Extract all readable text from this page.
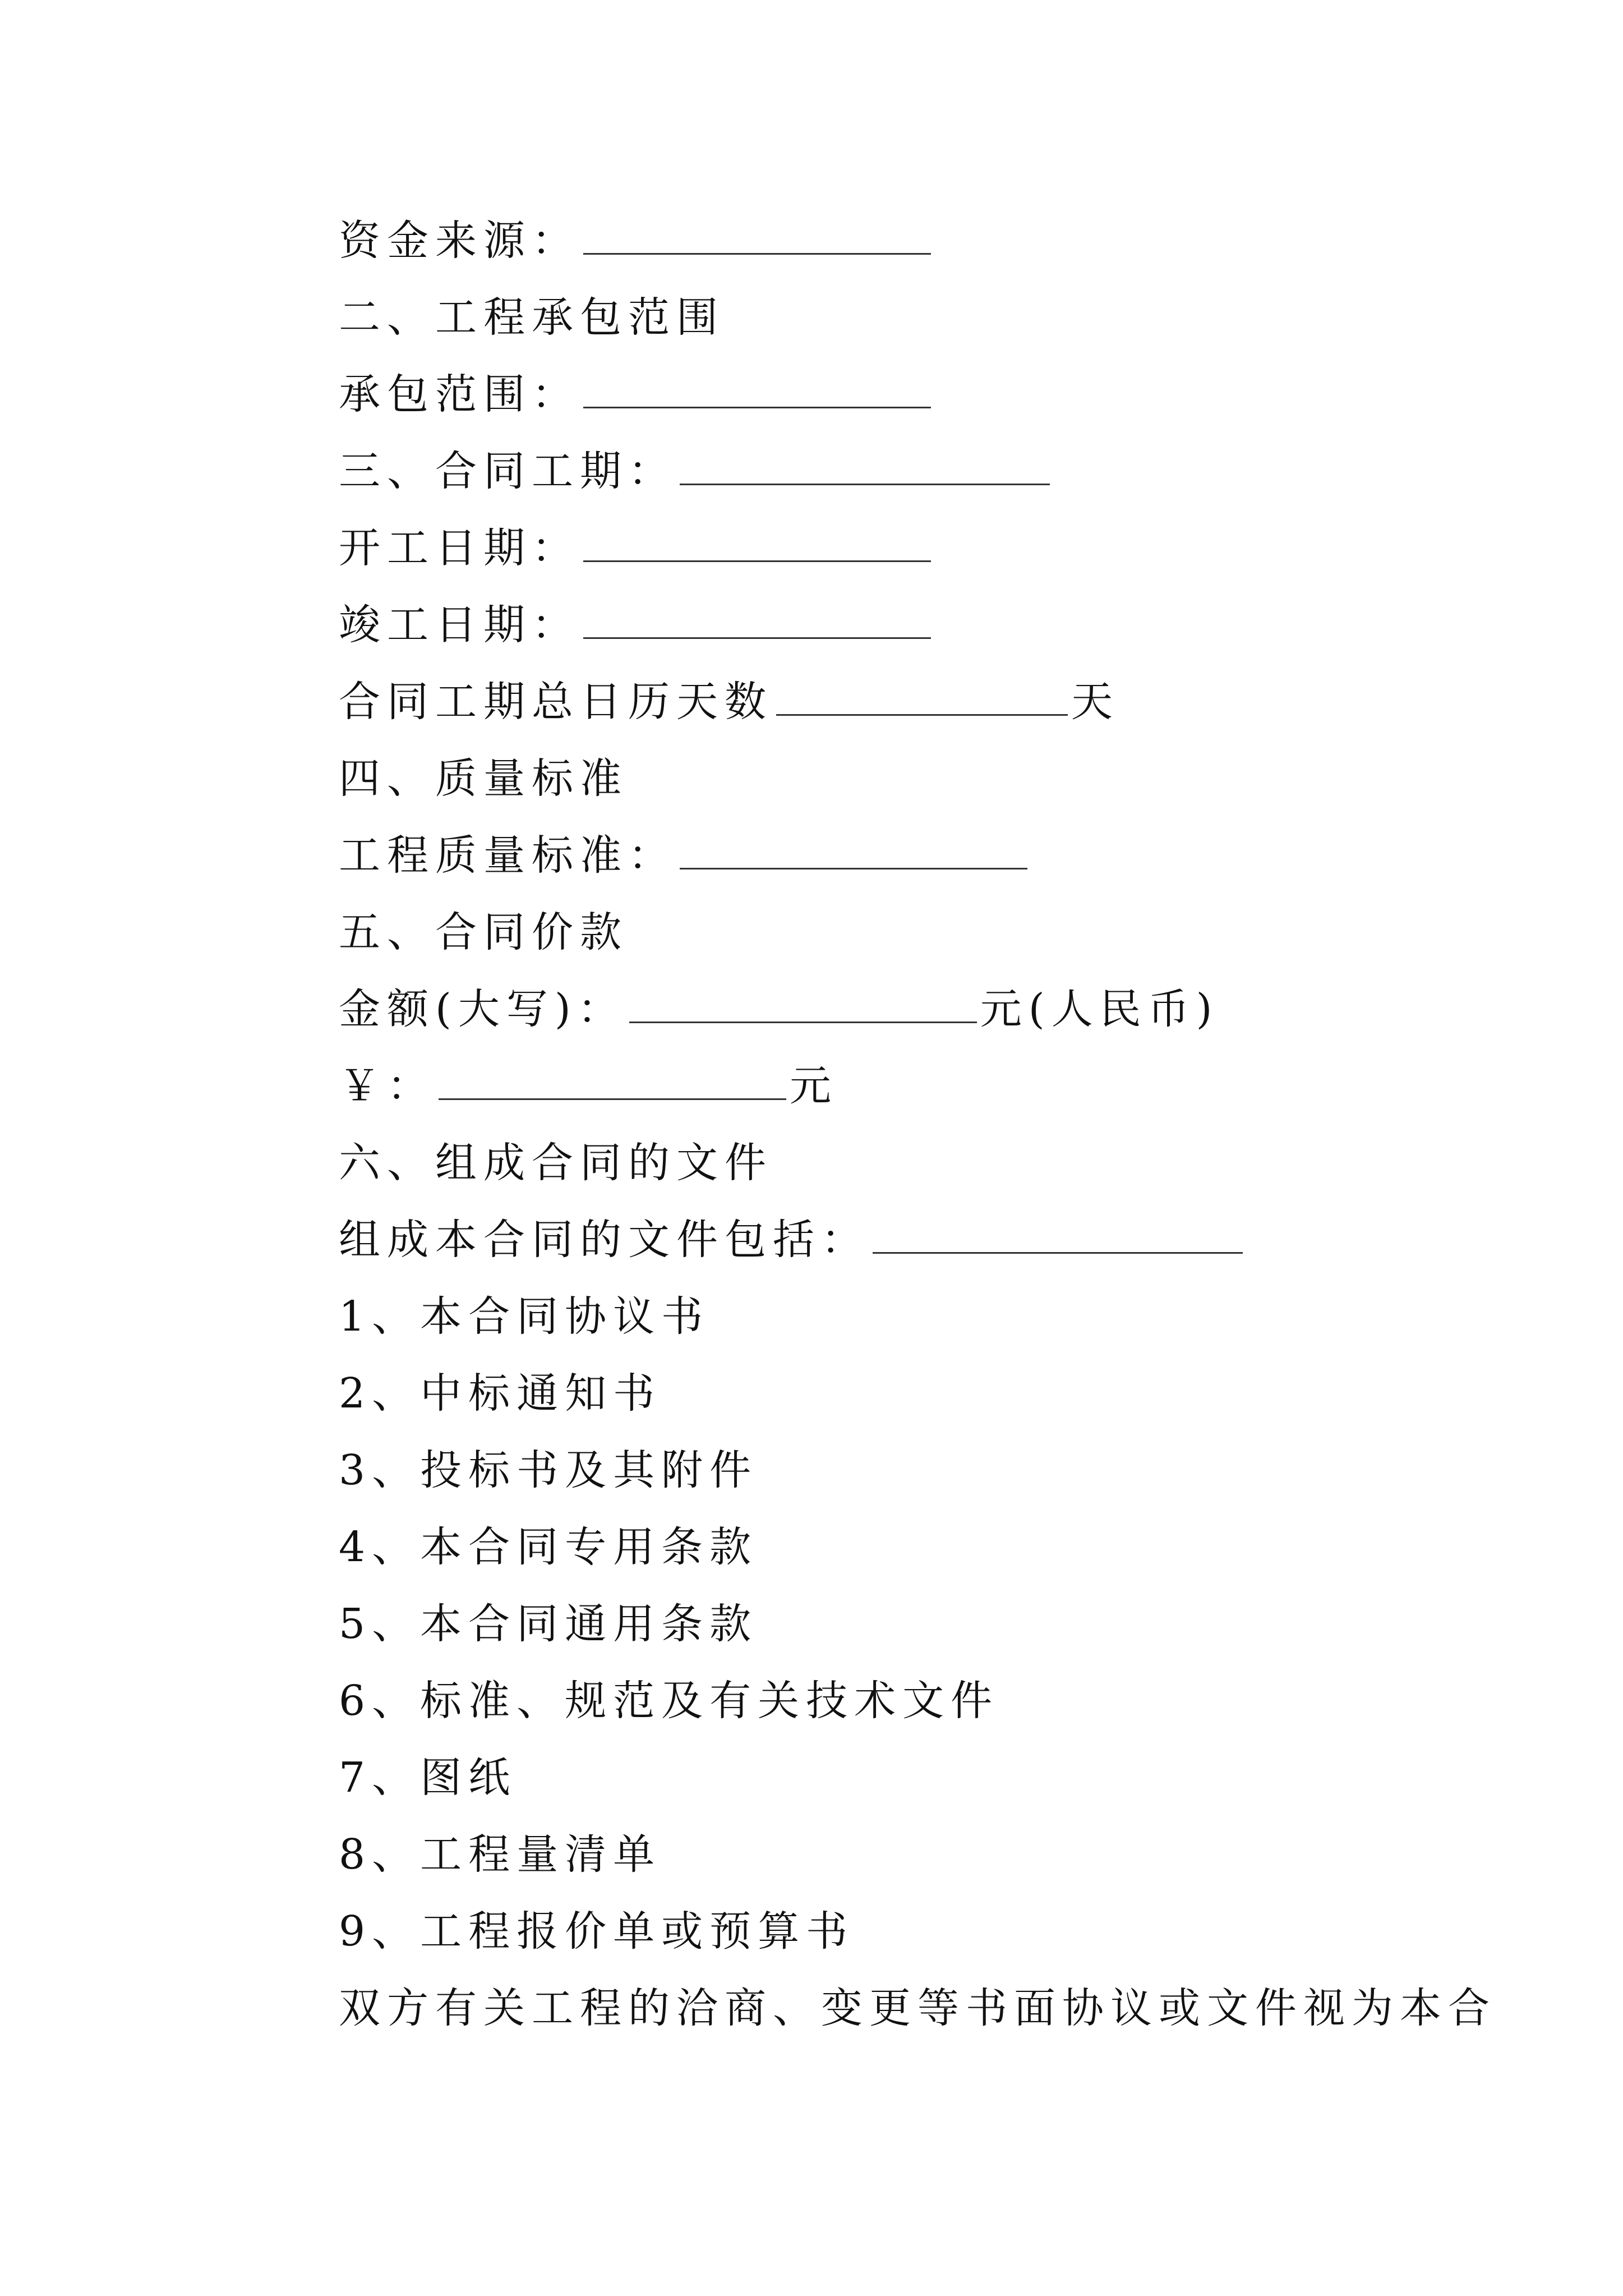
资金来源：
二、工程承包范围
承包范围：
三、合同工期：
开工日期：
竣工日期：
合同工期总日历天数	天
四、质量标准
工程质量标准：
五、合同价款
金额(大写)：	元(人民币)
￥：	元
六、组成合同的文件
组成本合同的文件包括：
1、本合同协议书
2、中标通知书
3、投标书及其附件
4、本合同专用条款
5、本合同通用条款
6、标准、规范及有关技术文件
7、图纸
8、工程量清单
9、工程报价单或预算书
双方有关工程的洽商、变更等书面协议或文件视为本合
